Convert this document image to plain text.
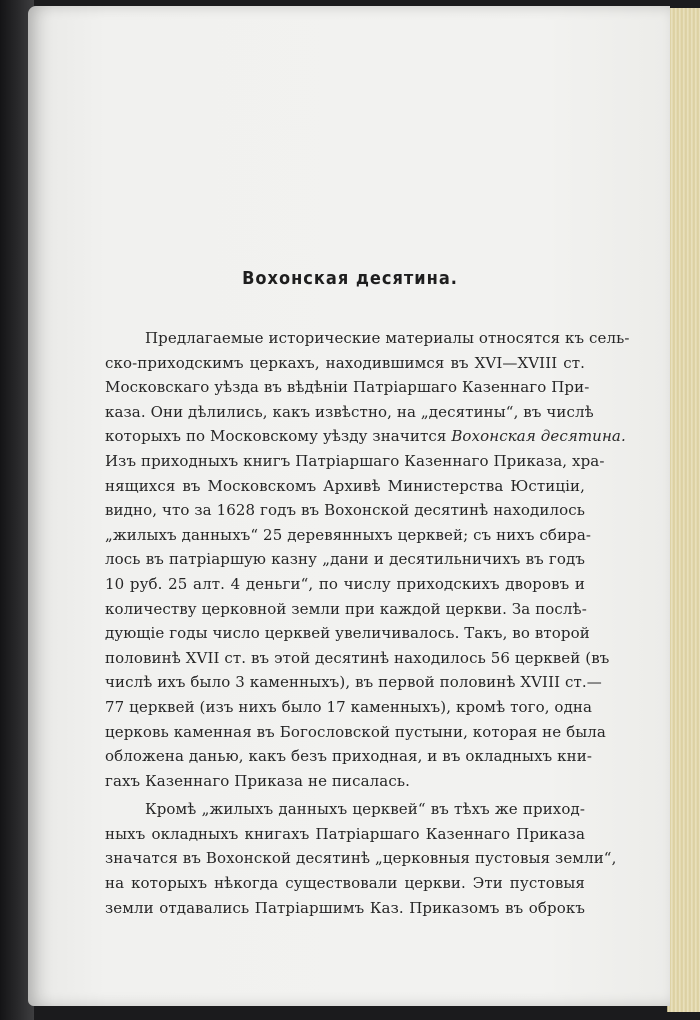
Вохонская десятина.
Предлагаемые исторические материалы относятся къ сель-
ско-приходскимъ церкахъ, находившимся въ XVI—XVIII ст.
Московскаго уѣзда въ вѣдѣніи Патріаршаго Казеннаго При-
каза. Они дѣлились, какъ извѣстно, на „десятины“, въ числѣ
которыхъ по Московскому уѣзду значится Вохонская десятина.
Изъ приходныхъ книгъ Патріаршаго Казеннаго Приказа, хра-
нящихся въ Московскомъ Архивѣ Министерства Юстиціи,
видно, что за 1628 годъ въ Вохонской десятинѣ находилось
„жилыхъ данныхъ“ 25 деревянныхъ церквей; съ нихъ сбира-
лось въ патріаршую казну „дани и десятильничихъ въ годъ
10 руб. 25 алт. 4 деньги“, по числу приходскихъ дворовъ и
количеству церковной земли при каждой церкви. За послѣ-
дующіе годы число церквей увеличивалось. Такъ, во второй
половинѣ XVII ст. въ этой десятинѣ находилось 56 церквей (въ
числѣ ихъ было 3 каменныхъ), въ первой половинѣ XVIII ст.—
77 церквей (изъ нихъ было 17 каменныхъ), кромѣ того, одна
церковь каменная въ Богословской пустыни, которая не была
обложена данью, какъ безъ приходная, и въ окладныхъ кни-
гахъ Казеннаго Приказа не писалась.
Кромѣ „жилыхъ данныхъ церквей“ въ тѣхъ же приход-
ныхъ окладныхъ книгахъ Патріаршаго Казеннаго Приказа
значатся въ Вохонской десятинѣ „церковныя пустовыя земли“,
на которыхъ нѣкогда существовали церкви. Эти пустовыя
земли отдавались Патріаршимъ Каз. Приказомъ въ оброкъ
